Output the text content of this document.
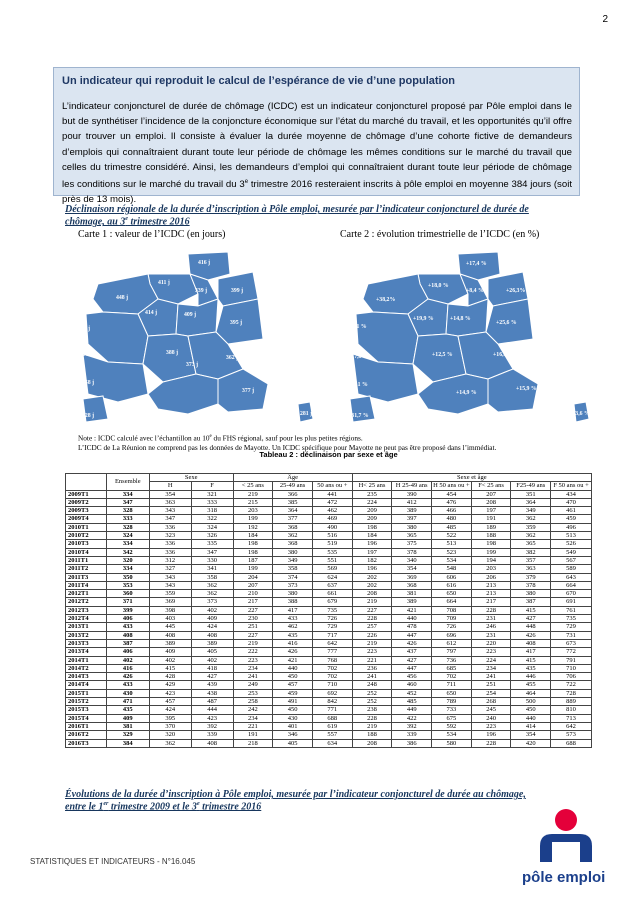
2
Un indicateur qui reproduit le calcul de l’espérance de vie d’une population
L’indicateur conjoncturel de durée de chômage (ICDC) est un indicateur conjoncturel proposé par Pôle emploi dans le but de synthétiser l’incidence de la conjoncture économique sur l’état du marché du travail, et les opportunités qu’il offre pour trouver un emploi. Il consiste à évaluer la durée moyenne de chômage d’une cohorte fictive de demandeurs d’emplois qui connaîtraient durant toute leur période de chômage les mêmes conditions sur le marché du travail que celles du trimestre considéré. Ainsi, les demandeurs d’emploi qui connaîtraient durant toute leur période de chômage les conditions sur le marché du travail du 3e trimestre 2016 resteraient inscrits à pôle emploi en moyenne 384 jours (soit près de 13 mois).
Déclinaison régionale de la durée d’inscription à Pôle emploi, mesurée par l’indicateur conjoncturel de durée de
chômage, au 3e trimestre 2016
Carte 1 : valeur de l’ICDC (en jours)	Carte 2 : évolution trimestrielle de l’ICDC (en %)
416 j
411 j
339 j	399 j
448 j
414 j	409 j
395 j
467 j
388 j
362 j
243 j
358 j
373 j
377 j
328 j	281 j
+17,4 %
+18,0 %
+8,4 %	+26,3%
+38,2%
+19,9 %	+14,8 %
+25,6 %
+25,1 %
+12,5 %	+16,6 %
+17,8 %
+1,1 %
+14,9 %
+15,9 %
+31,7 %	+3,6 %
Note : ICDC calculé avec l’échantillon au 10e du FHS régional, sauf pour les plus petites régions.
L’ICDC de La Réunion ne comprend pas les données de Mayotte. Un ICDC spécifique pour Mayotte ne peut pas être proposé dans l’immédiat.
Tableau 2 : déclinaison par sexe et âge
	Ensemble	Sexe		Âge			Sexe et âge					
		H	F	< 25 ans	25-49 ans	50 ans ou +	H< 25 ans	H 25-49 ans	H 50 ans ou +	F< 25 ans	F25-49 ans	F 50 ans ou +
2009T1	334	354	321	219	366	441	235	390	454	207	351	434
2009T2	347	363	333	215	385	472	224	412	476	208	364	470
2009T3	328	343	318	203	364	462	209	389	466	197	349	461
2009T4	333	347	322	199	377	469	209	397	480	191	362	459
2010T1	328	336	324	192	368	490	198	380	485	189	359	496
2010T2	324	323	326	184	362	516	184	365	522	188	362	513
2010T3	334	336	335	198	368	519	196	375	513	198	365	526
2010T4	342	336	347	198	380	535	197	378	523	199	382	549
2011T1	320	312	330	187	349	551	182	340	534	194	357	567
2011T2	334	327	341	199	358	569	196	354	548	203	363	589
2011T3	350	343	358	204	374	624	202	369	606	206	379	643
2011T4	353	343	362	207	373	637	202	368	616	213	378	664
2012T1	360	359	362	210	380	661	208	381	650	213	380	670
2012T2	371	369	373	217	388	679	219	389	664	217	387	691
2012T3	399	398	402	227	417	735	227	421	708	228	415	761
2012T4	406	403	409	230	433	726	228	440	709	231	427	735
2013T1	433	445	424	251	462	729	257	478	726	246	448	729
2013T2	408	408	408	227	435	717	226	447	696	231	426	731
2013T3	387	389	389	219	416	642	219	426	612	220	408	673
2013T4	406	409	405	222	426	777	223	437	797	223	417	772
2014T1	402	402	402	223	421	768	221	427	736	224	415	791
2014T2	416	415	418	234	440	702	236	447	685	234	435	710
2014T3	426	428	427	241	450	702	241	456	702	241	446	706
2014T4	433	429	439	249	457	710	248	460	711	251	455	722
2015T1	430	423	438	253	459	692	252	452	650	254	464	728
2015T2	471	457	487	258	491	842	252	485	789	268	500	889
2015T3	435	424	444	242	450	771	238	449	733	245	450	810
2015T4	409	395	423	234	430	688	228	422	675	240	440	713
2016T1	381	370	392	221	401	619	219	392	592	223	414	642
2016T2	329	320	339	191	346	557	188	339	534	196	354	573
2016T3	384	362	408	218	405	634	208	386	580	228	420	688
Évolutions de la durée d’inscription à Pôle emploi, mesurée par l’indicateur conjoncturel de durée au chômage,
entre le 1er trimestre 2009 et le 3e trimestre 2016
STATISTIQUES ET INDICATEURS - N°16.045
pôle emploi
